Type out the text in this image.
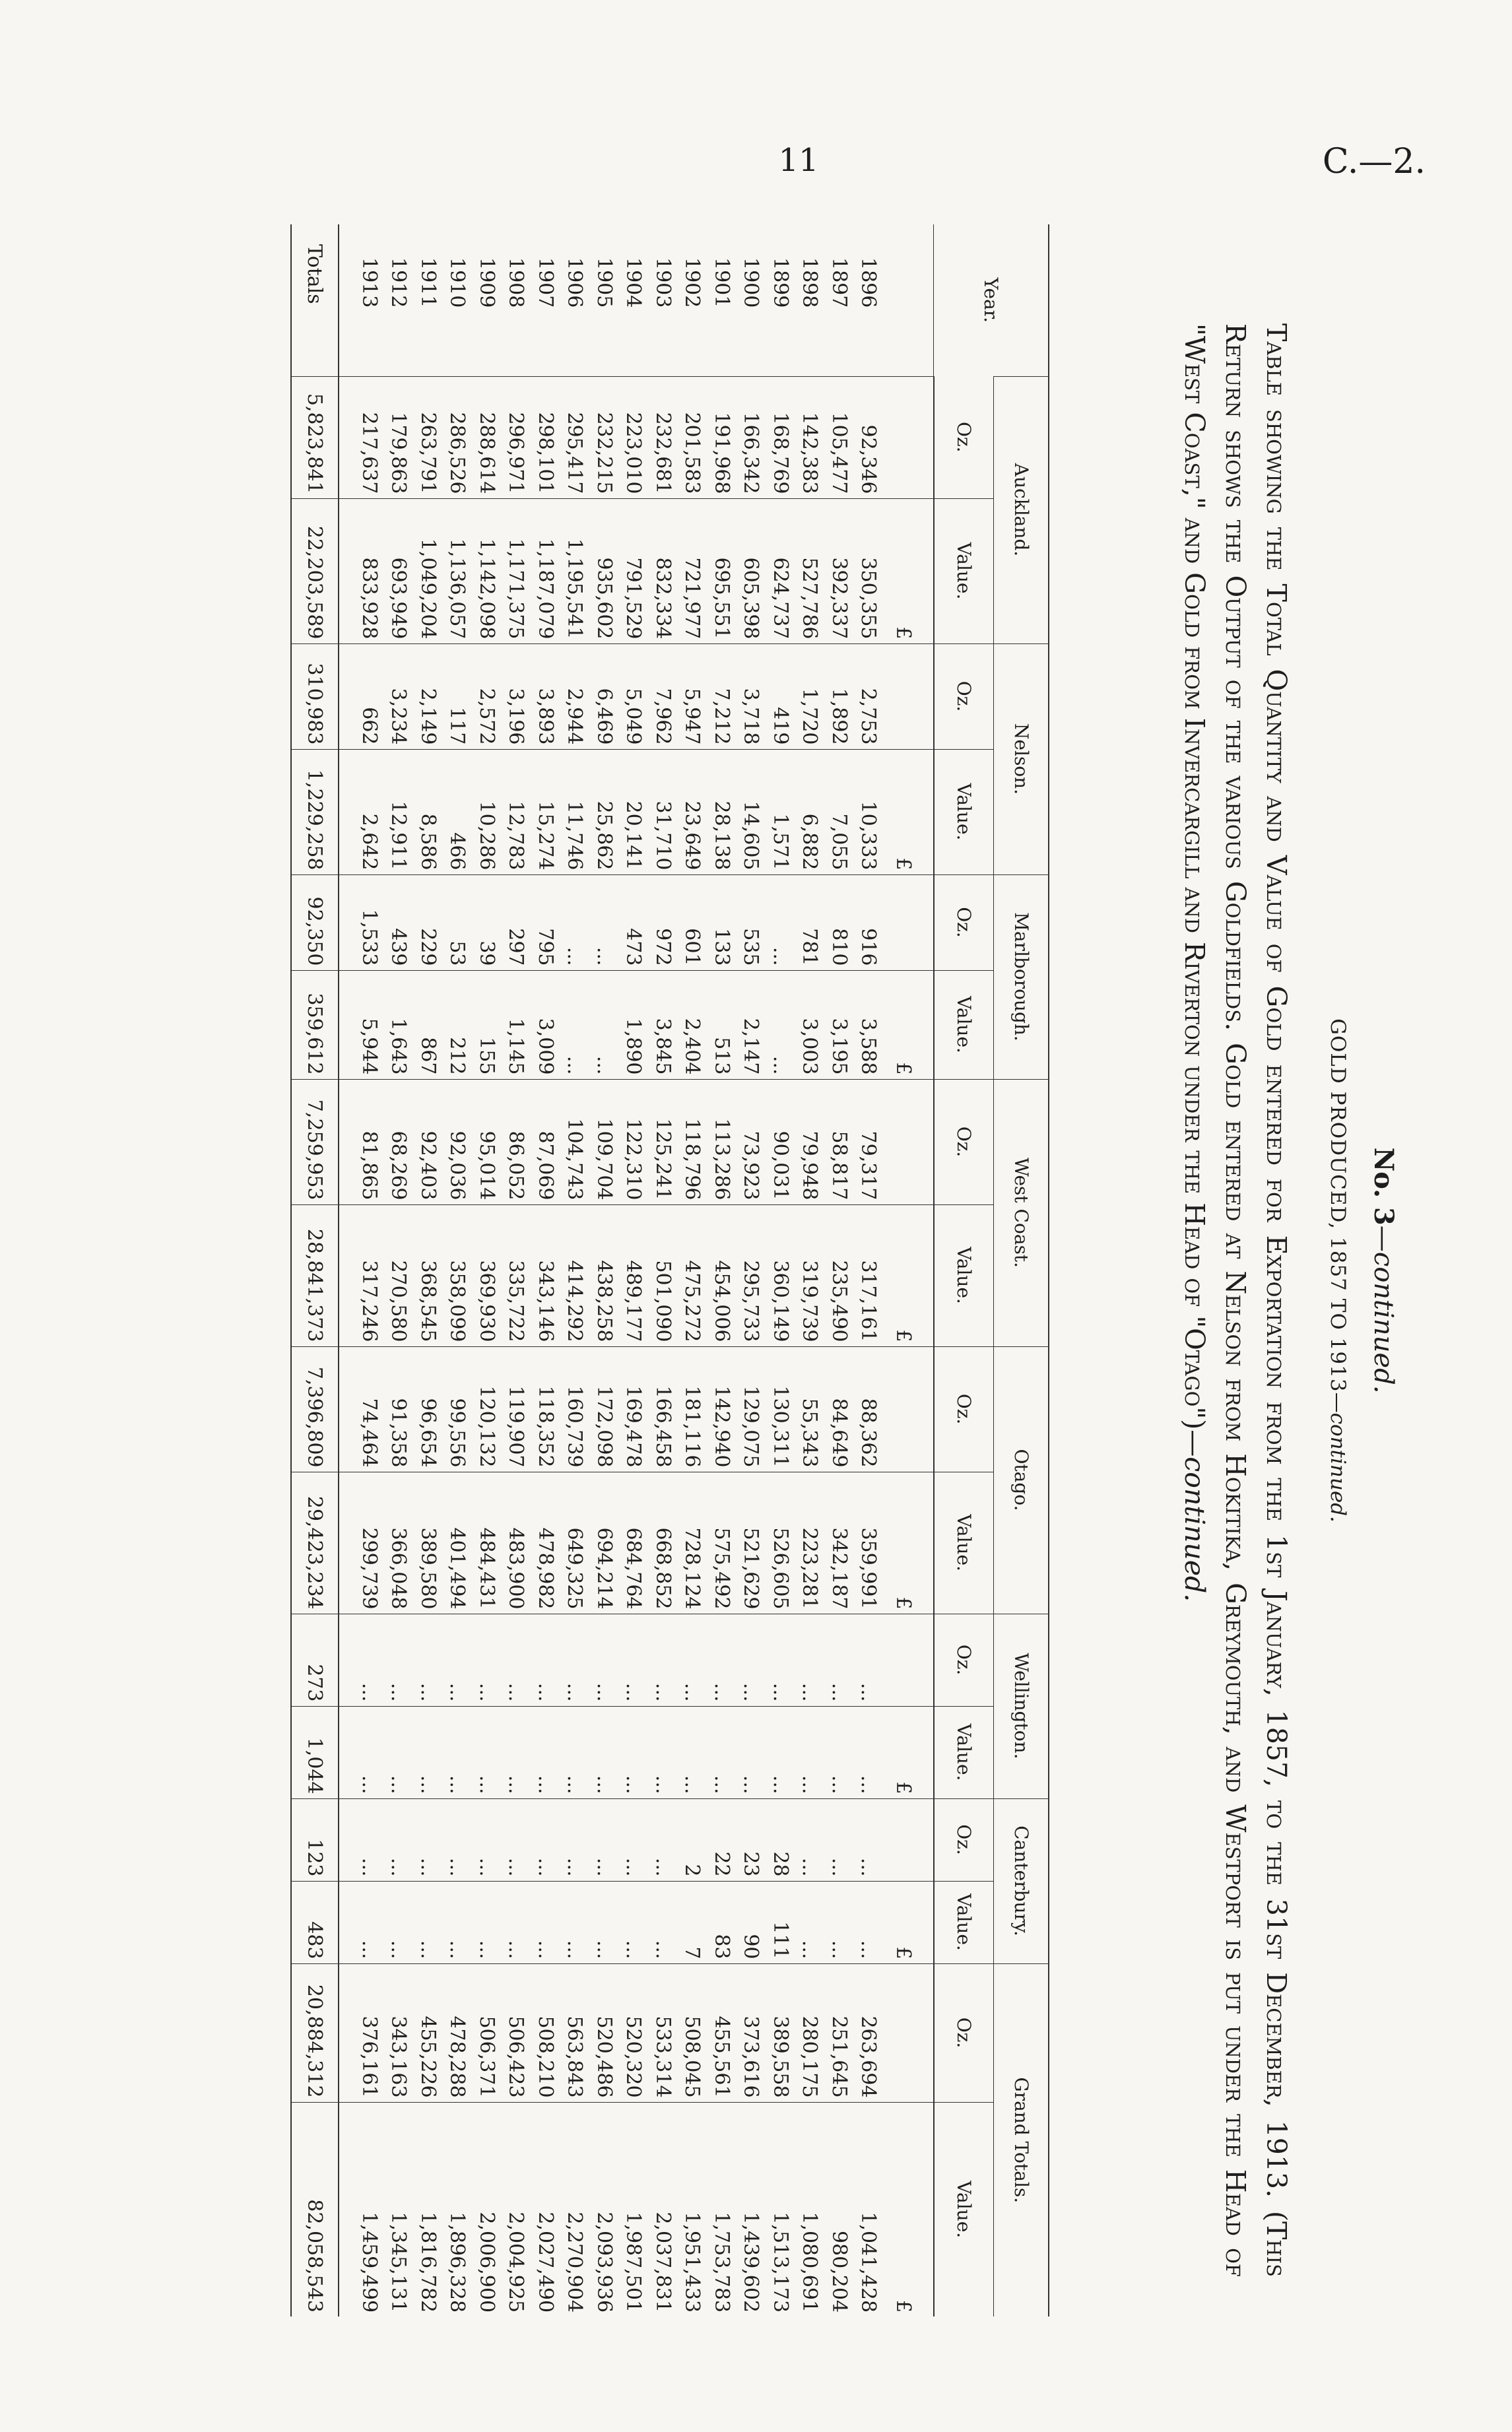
11	C.—2.
No. 3—continued.
GOLD PRODUCED, 1857 TO 1913—continued.
Table showing the Total Quantity and Value of Gold entered for Exportation from the 1st January, 1857, to the 31st December, 1913. (This Return shows the Output of the various Goldfields. Gold entered at Nelson from Hokitika, Greymouth, and Westport is put under the Head of "West Coast," and Gold from Invercargill and Riverton under the Head of "Otago")—continued.
Year.	Auckland.		Nelson.		Marlborough.		West Coast.		Otago.		Wellington.		Canterbury.		Grand Totals.	
	Oz.	Value.	Oz.	Value.	Oz.	Value.	Oz.	Value.	Oz.	Value.	Oz.	Value.	Oz.	Value.	Oz.	Value.
		£		£		£		£		£		£		£		£
1896	92,346	350,355	2,753	10,333	916	3,588	79,317	317,161	88,362	359,991	...	...	...	...	263,694	1,041,428
1897	105,477	392,337	1,892	7,055	810	3,195	58,817	235,490	84,649	342,187	...	...	...	...	251,645	980,204
1898	142,383	527,786	1,720	6,882	781	3,003	79,948	319,739	55,343	223,281	...	...	...	...	280,175	1,080,691
1899	168,769	624,737	419	1,571	...	...	90,031	360,149	130,311	526,605	...	...	28	111	389,558	1,513,173
1900	166,342	605,398	3,718	14,605	535	2,147	73,923	295,733	129,075	521,629	...	...	23	90	373,616	1,439,602
1901	191,968	695,551	7,212	28,138	133	513	113,286	454,006	142,940	575,492	...	...	22	83	455,561	1,753,783
1902	201,583	721,977	5,947	23,649	601	2,404	118,796	475,272	181,116	728,124	...	...	2	7	508,045	1,951,433
1903	232,681	832,334	7,962	31,710	972	3,845	125,241	501,090	166,458	668,852	...	...	...	...	533,314	2,037,831
1904	223,010	791,529	5,049	20,141	473	1,890	122,310	489,177	169,478	684,764	...	...	...	...	520,320	1,987,501
1905	232,215	935,602	6,469	25,862	...	...	109,704	438,258	172,098	694,214	...	...	...	...	520,486	2,093,936
1906	295,417	1,195,541	2,944	11,746	...	...	104,743	414,292	160,739	649,325	...	...	...	...	563,843	2,270,904
1907	298,101	1,187,079	3,893	15,274	795	3,009	87,069	343,146	118,352	478,982	...	...	...	...	508,210	2,027,490
1908	296,971	1,171,375	3,196	12,783	297	1,145	86,052	335,722	119,907	483,900	...	...	...	...	506,423	2,004,925
1909	288,614	1,142,098	2,572	10,286	39	155	95,014	369,930	120,132	484,431	...	...	...	...	506,371	2,006,900
1910	286,526	1,136,057	117	466	53	212	92,036	358,099	99,556	401,494	...	...	...	...	478,288	1,896,328
1911	263,791	1,049,204	2,149	8,586	229	867	92,403	368,545	96,654	389,580	...	...	...	...	455,226	1,816,782
1912	179,863	693,949	3,234	12,911	439	1,643	68,269	270,580	91,358	366,048	...	...	...	...	343,163	1,345,131
1913	217,637	833,928	662	2,642	1,533	5,944	81,865	317,246	74,464	299,739	...	...	...	...	376,161	1,459,499

Totals	5,823,841	22,203,589	310,983	1,229,258	92,350	359,612	7,259,953	28,841,373	7,396,809	29,423,234	273	1,044	123	483	20,884,312	82,058,543
